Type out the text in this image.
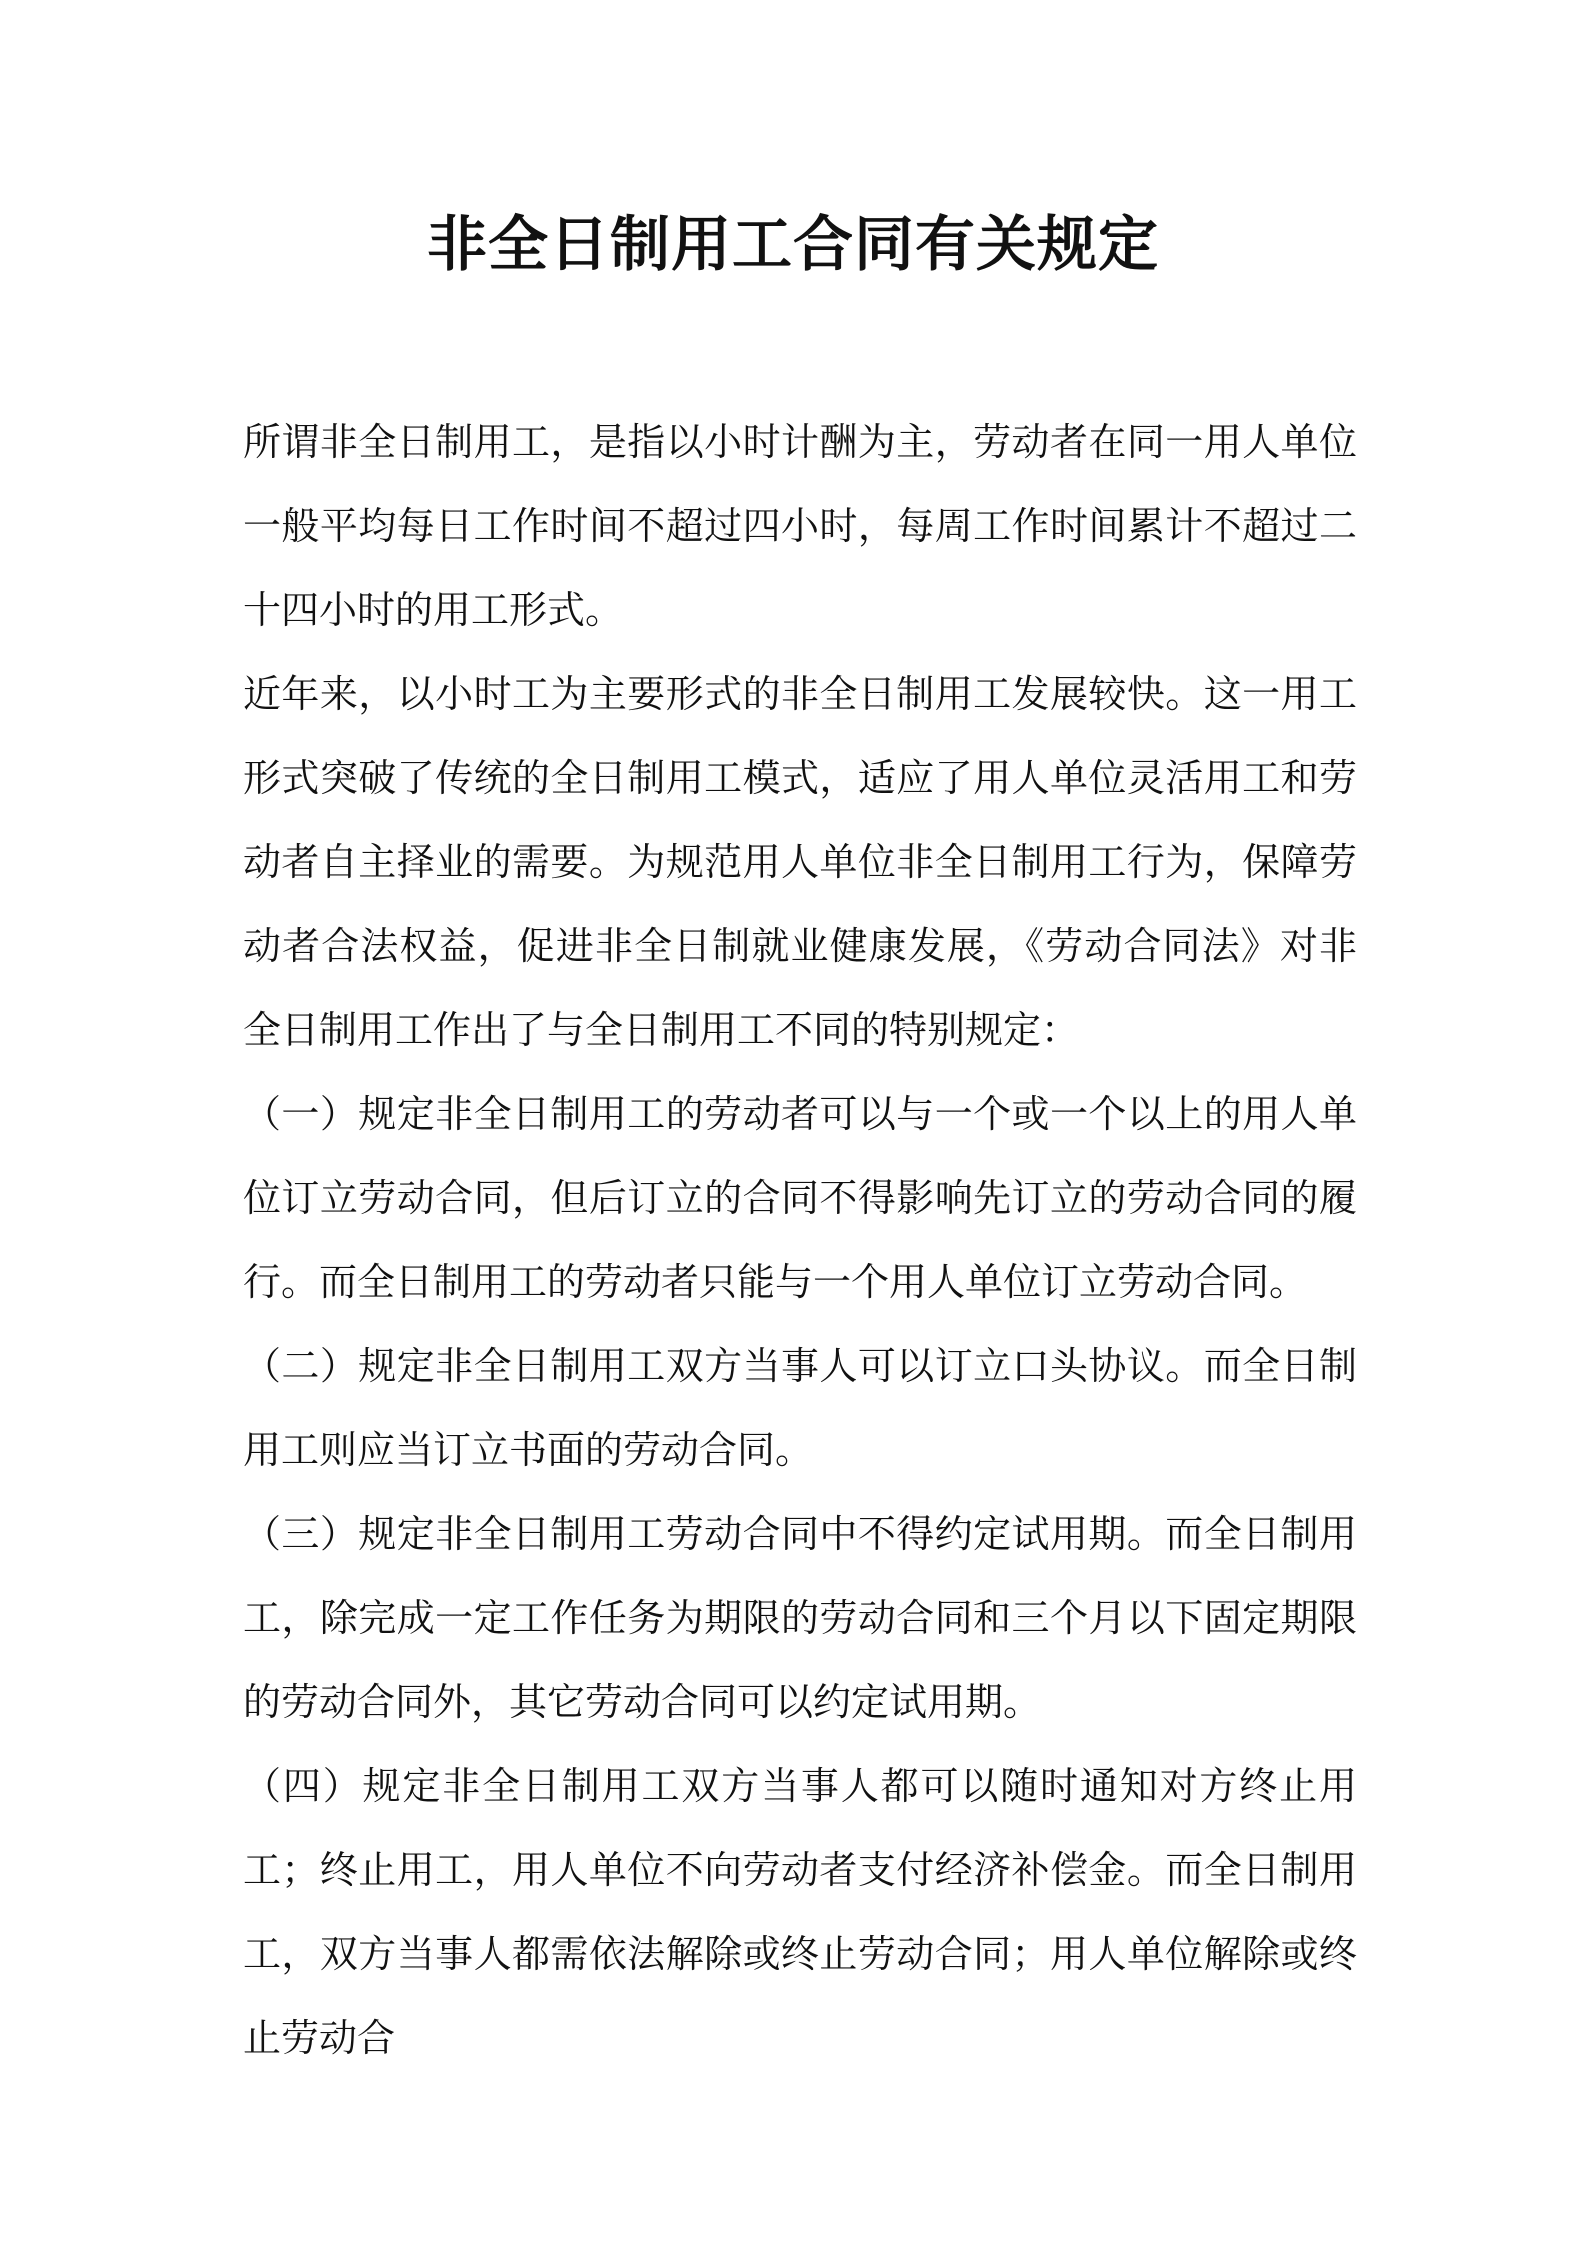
非全日制用工合同有关规定

所谓非全日制用工，是指以小时计酬为主，劳动者在同一用人单位一般平均每日工作时间不超过四小时，每周工作时间累计不超过二十四小时的用工形式。

近年来，以小时工为主要形式的非全日制用工发展较快。这一用工形式突破了传统的全日制用工模式，适应了用人单位灵活用工和劳动者自主择业的需要。为规范用人单位非全日制用工行为，保障劳动者合法权益，促进非全日制就业健康发展，《劳动合同法》对非全日制用工作出了与全日制用工不同的特别规定：

（一）规定非全日制用工的劳动者可以与一个或一个以上的用人单位订立劳动合同，但后订立的合同不得影响先订立的劳动合同的履行。而全日制用工的劳动者只能与一个用人单位订立劳动合同。

（二）规定非全日制用工双方当事人可以订立口头协议。而全日制用工则应当订立书面的劳动合同。

（三）规定非全日制用工劳动合同中不得约定试用期。而全日制用工，除完成一定工作任务为期限的劳动合同和三个月以下固定期限的劳动合同外，其它劳动合同可以约定试用期。

（四）规定非全日制用工双方当事人都可以随时通知对方终止用工；终止用工，用人单位不向劳动者支付经济补偿金。而全日制用工，双方当事人都需依法解除或终止劳动合同；用人单位解除或终止劳动合
